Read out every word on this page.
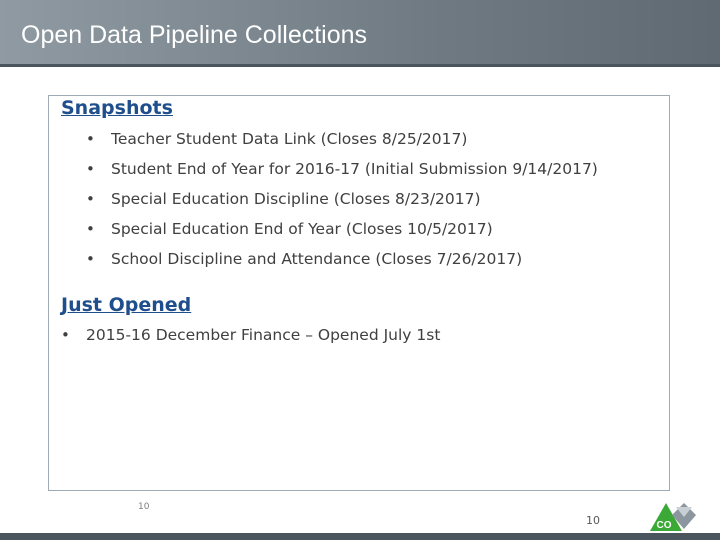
Open Data Pipeline Collections
Snapshots
• Teacher Student Data Link (Closes 8/25/2017)
• Student End of Year for 2016-17 (Initial Submission 9/14/2017)
• Special Education Discipline (Closes 8/23/2017)
• Special Education End of Year (Closes 10/5/2017)
• School Discipline and Attendance (Closes 7/26/2017)
Just Opened
• 2015-16 December Finance – Opened July 1st
10
10	CO
